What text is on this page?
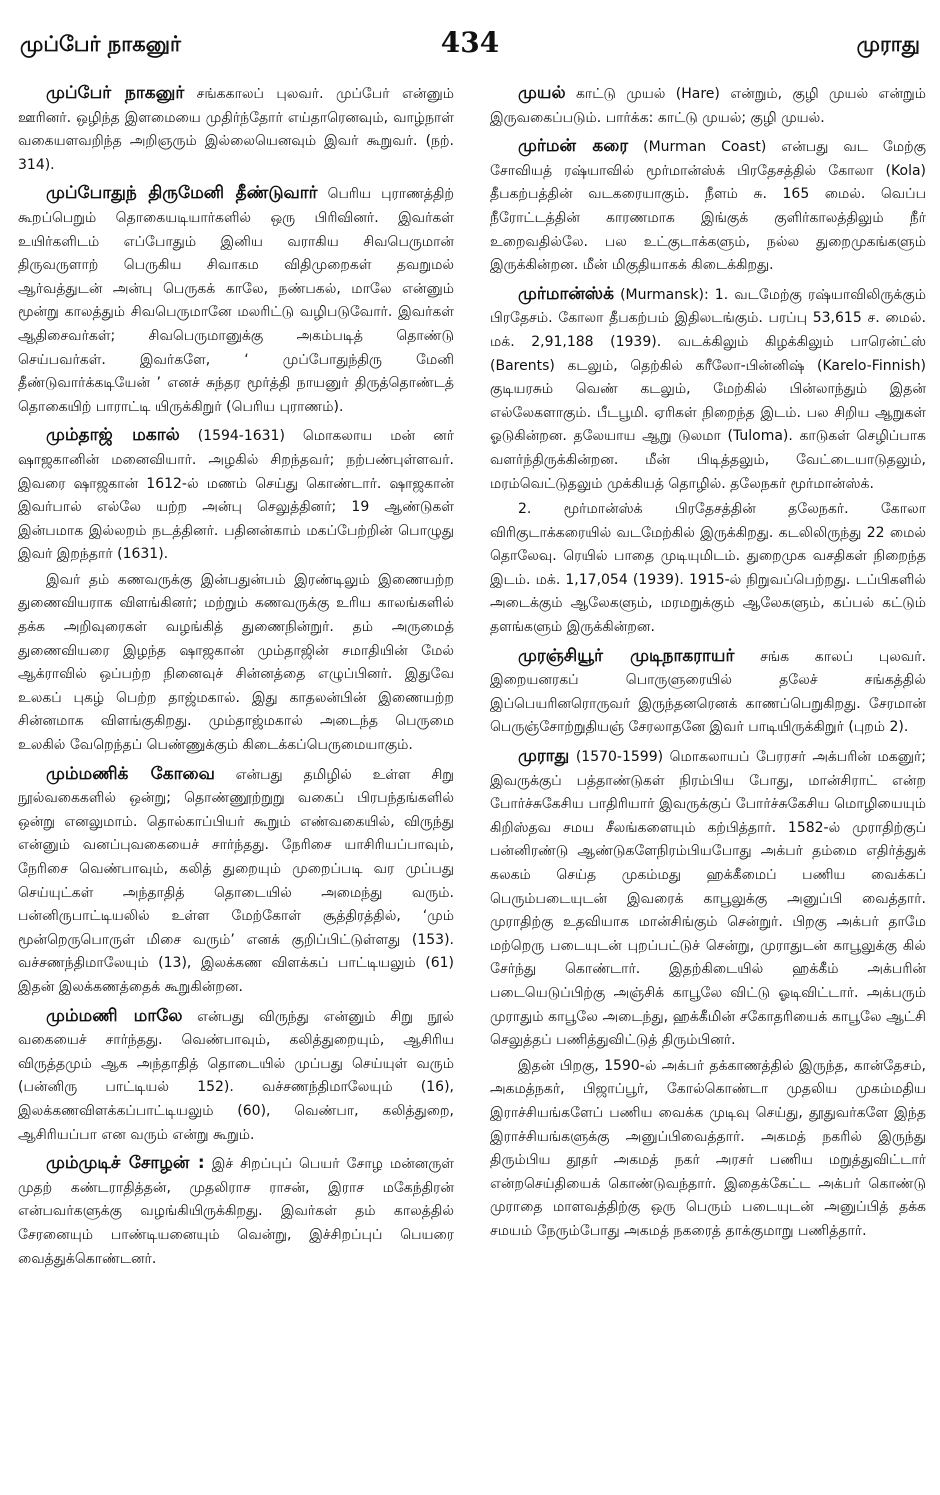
முப்பேர் நாகனுர்	434	முராது

முப்பேர் நாகனுர் சங்ககாலப் புலவர். முப்பேர் என்னும் ஊரினர். ஒழிந்த இளமையை முதிர்ந்தோர் எய்தாரெனவும், வாழ்நாள் வகையளவறிந்த அறிஞரும் இல்லையெனவும் இவர் கூறுவர். (நற். 314).

முப்போதுந் திருமேனி தீண்டுவார் பெரிய புராணத்திற் கூறப்பெறும் தொகையடியார்களில் ஒரு பிரிவினர். இவர்கள் உயிர்களிடம் எப்போதும் இனிய வராகிய சிவபெருமான் திருவருளாற் பெருகிய சிவாகம விதிமுறைகள் தவறுமல் ஆர்வத்துடன் அன்பு பெருகக் காலே, நண்பகல், மாலே என்னும் மூன்று காலத்தும் சிவபெருமானே மலரிட்டு வழிபடுவோர். இவர்கள் ஆதிசைவர்கள்; சிவபெருமானுக்கு அகம்படித் தொண்டு செய்பவர்கள். இவர்களே, ‘ முப்போதுந்திரு மேனி தீண்டுவார்க்கடியேன் ’ எனச் சுந்தர மூர்த்தி நாயனுர் திருத்தொண்டத் தொகையிற் பாராட்டி யிருக்கிறுர் (பெரிய புராணம்).

மும்தாஜ் மகால் (1594-1631) மொகலாய மன் னர் ஷாஜகானின் மனைவியார். அழகில் சிறந்தவர்; நற்பண்புள்ளவர். இவரை ஷாஜகான் 1612-ல் மணம் செய்து கொண்டார். ஷாஜகான் இவர்பால் எல்லே யற்ற அன்பு செலுத்தினர்; 19 ஆண்டுகள் இன்பமாக இல்லறம் நடத்தினர். பதினன்காம் மகப்பேற்றின் பொழுது இவர் இறந்தார் (1631).

இவர் தம் கணவருக்கு இன்பதுன்பம் இரண்டிலும் இணையற்ற துணைவியராக விளங்கினர்; மற்றும் கணவருக்கு உரிய காலங்களில் தக்க அறிவுரைகள் வழங்கித் துணைநின்றுர். தம் அருமைத் துணைவியரை இழந்த ஷாஜகான் மும்தாஜின் சமாதியின் மேல் ஆக்ராவில் ஒப்பற்ற நினைவுச் சின்னத்தை எழுப்பினர். இதுவே உலகப் புகழ் பெற்ற தாஜ்மகால். இது காதலன்பின் இணையற்ற சின்னமாக விளங்குகிறது. மும்தாஜ்மகால் அடைந்த பெருமை உலகில் வேறெந்தப் பெண்ணுக்கும் கிடைக்கப்பெருமையாகும்.

மும்மணிக் கோவை என்பது தமிழில் உள்ள சிறு நூல்வகைகளில் ஒன்று; தொண்ணூற்றுறு வகைப் பிரபந்தங்களில் ஒன்று எனலுமாம். தொல்காப்பியர் கூறும் எண்வகையில், விருந்து என்னும் வனப்புவகையைச் சார்ந்தது. நேரிசை யாசிரியப்பாவும், நேரிசை வெண்பாவும், கலித் துறையும் முறைப்படி வர முப்பது செய்யுட்கள் அந்தாதித் தொடையில் அமைந்து வரும். பன்னிருபாட்டியலில் உள்ள மேற்கோள் சூத்திரத்தில், ‘மும் மூன்றெருபொருள் மிசை வரும்’ எனக் குறிப்பிட்டுள்ளது (153). வச்சணந்திமாலேயும் (13), இலக்கண விளக்கப் பாட்டியலும் (61) இதன் இலக்கணத்தைக் கூறுகின்றன.

மும்மணி மாலே என்பது விருந்து என்னும் சிறு நூல் வகையைச் சார்ந்தது. வெண்பாவும், கலித்துறையும், ஆசிரிய விருத்தமும் ஆக அந்தாதித் தொடையில் முப்பது செய்யுள் வரும் (பன்னிரு பாட்டியல் 152). வச்சணந்திமாலேயும் (16), இலக்கணவிளக்கப்பாட்டியலும் (60), வெண்பா, கலித்துறை, ஆசிரியப்பா என வரும் என்று கூறும்.

மும்முடிச் சோழன் : இச் சிறப்புப் பெயர் சோழ மன்னருள் முதற் கண்டராதித்தன், முதலிராச ராசன், இராச மகேந்திரன் என்பவர்களுக்கு வழங்கியிருக்கிறது. இவர்கள் தம் காலத்தில் சேரனையும் பாண்டியனையும் வென்று, இச்சிறப்புப் பெயரை வைத்துக்கொண்டனர்.

முயல் காட்டு முயல் (Hare) என்றும், குழி முயல் என்றும் இருவகைப்படும். பார்க்க: காட்டு முயல்; குழி முயல்.

முர்மன் கரை (Murman Coast) என்பது வட மேற்கு சோவியத் ரஷ்யாவில் மூர்மான்ஸ்க் பிரதேசத்தில் கோலா (Kola) தீபகற்பத்தின் வடகரையாகும். நீளம் சு. 165 மைல். வெப்ப நீரோட்டத்தின் காரணமாக இங்குக் குளிர்காலத்திலும் நீர் உறைவதில்லே. பல உட்குடாக்களும், நல்ல துறைமுகங்களும் இருக்கின்றன. மீன் மிகுதியாகக் கிடைக்கிறது.

முர்மான்ஸ்க் (Murmansk): 1. வடமேற்கு ரஷ்யாவிலிருக்கும் பிரதேசம். கோலா தீபகற்பம் இதிலடங்கும். பரப்பு 53,615 ச. மைல். மக். 2,91,188 (1939). வடக்கிலும் கிழக்கிலும் பாரென்ட்ஸ் (Barents) கடலும், தெற்கில் கரீலோ-பின்னிஷ் (Karelo-Finnish) குடியரசும் வெண் கடலும், மேற்கில் பின்லாந்தும் இதன் எல்லேகளாகும். பீடபூமி. ஏரிகள் நிறைந்த இடம். பல சிறிய ஆறுகள் ஓடுகின்றன. தலேயாய ஆறு டுலமா (Tuloma). காடுகள் செழிப்பாக வளர்ந்திருக்கின்றன. மீன் பிடித்தலும், வேட்டையாடுதலும், மரம்வெட்டுதலும் முக்கியத் தொழில். தலேநகர் மூர்மான்ஸ்க்.

2. மூர்மான்ஸ்க் பிரதேசத்தின் தலேநகர். கோலா விரிகுடாக்கரையில் வடமேற்கில் இருக்கிறது. கடலிலிருந்து 22 மைல் தொலேவு. ரெயில் பாதை முடியுமிடம். துறைமுக வசதிகள் நிறைந்த இடம். மக். 1,17,054 (1939). 1915-ல் நிறுவப்பெற்றது. டப்பிகளில் அடைக்கும் ஆலேகளும், மரமறுக்கும் ஆலேகளும், கப்பல் கட்டும் தளங்களும் இருக்கின்றன.

முரஞ்சியூர் முடிநாகராயர் சங்க காலப் புலவர். இறையனரகப் பொருளுரையில் தலேச் சங்கத்தில் இப்பெயரினரொருவர் இருந்தனரெனக் காணப்பெறுகிறது. சேரமான் பெருஞ்சோற்றுதியஞ் சேரலாதனே இவர் பாடியிருக்கிறுர் (புறம் 2).

முராது (1570-1599) மொகலாயப் பேரரசர் அக்பரின் மகனுர்; இவருக்குப் பத்தாண்டுகள் நிரம்பிய போது, மான்சிராட் என்ற போர்ச்சுகேசிய பாதிரியார் இவருக்குப் போர்ச்சுகேசிய மொழியையும் கிறிஸ்தவ சமய சீலங்களையும் கற்பித்தார். 1582-ல் முராதிற்குப் பன்னிரண்டு ஆண்டுகளேநிரம்பியபோது அக்பர் தம்மை எதிர்த்துக் கலகம் செய்த முகம்மது ஹக்கீமைப் பணிய வைக்கப் பெரும்படையுடன் இவரைக் காபூலுக்கு அனுப்பி வைத்தார். முராதிற்கு உதவியாக மான்சிங்கும் சென்றுர். பிறகு அக்பர் தாமே மற்றெரு படையுடன் புறப்பட்டுச் சென்று, முராதுடன் காபூலுக்கு கில் சேர்ந்து கொண்டார். இதற்கிடையில் ஹக்கீம் அக்பரின் படையெடுப்பிற்கு அஞ்சிக் காபூலே விட்டு ஓடிவிட்டார். அக்பரும் முராதும் காபூலே அடைந்து, ஹக்கீமின் சகோதரியைக் காபூலே ஆட்சி செலுத்தப் பணித்துவிட்டுத் திரும்பினர்.

இதன் பிறகு, 1590-ல் அக்பர் தக்காணத்தில் இருந்த, கான்தேசம், அகமத்நகர், பிஜாப்பூர், கோல்கொண்டா முதலிய முகம்மதிய இராச்சியங்களேப் பணிய வைக்க முடிவு செய்து, தூதுவர்களே இந்த இராச்சியங்களுக்கு அனுப்பிவைத்தார். அகமத் நகரில் இருந்து திரும்பிய தூதர் அகமத் நகர் அரசர் பணிய மறுத்துவிட்டார் என்றசெய்தியைக் கொண்டுவந்தார். இதைக்கேட்ட அக்பர் கொண்டு முராதை மாளவத்திற்கு ஒரு பெரும் படையுடன் அனுப்பித் தக்க சமயம் நேரும்போது அகமத் நகரைத் தாக்குமாறு பணித்தார்.
